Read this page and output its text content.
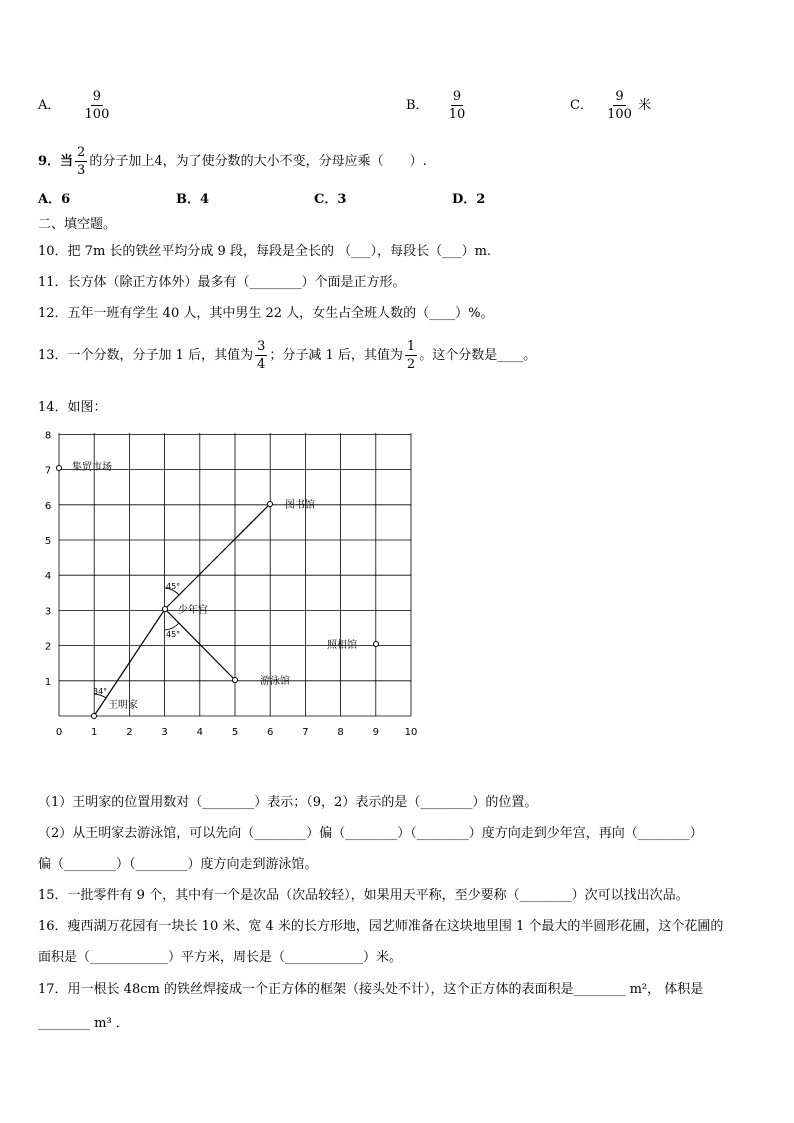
A． $\frac{9}{100}$	B． $\frac{9}{10}$	C． $\frac{9}{100}$ 米
9．当 $\frac{2}{3}$ 的分子加上4，为了使分数的大小不变，分母应乘（　　）.
A．6	B．4	C．3	D．2
二、填空题。
10．把 7m 长的铁丝平均分成 9 段，每段是全长的 （___），每段长（___）m.
11．长方体（除正方体外）最多有（________）个面是正方形。
12．五年一班有学生 40 人，其中男生 22 人，女生占全班人数的（____）%。
13．一个分数，分子加 1 后，其值为 $\frac{3}{4}$ ；分子减 1 后，其值为 $\frac{1}{2}$ 。这个分数是____。
14．如图：
0	1	2	3	4	5	6	7	8	9	10
1
2
3
4
5
6
7
8
集贸市场
图书馆
少年宫
照相馆
游泳馆
王明家
45°
45°
34°
（1）王明家的位置用数对（________）表示；（9，2）表示的是（________）的位置。
（2）从王明家去游泳馆，可以先向（________）偏（________）（________）度方向走到少年宫，再向（________）
偏（________）（________）度方向走到游泳馆。
15．一批零件有 9 个，其中有一个是次品（次品较轻），如果用天平称，至少要称（________）次可以找出次品。
16．瘦西湖万花园有一块长 10 米、宽 4 米的长方形地，园艺师准备在这块地里围 1 个最大的半圆形花圃，这个花圃的
面积是（____________）平方米，周长是（____________）米。
17．用一根长 48cm 的铁丝焊接成一个正方体的框架（接头处不计），这个正方体的表面积是________ m²， 体积是
________ m³ ．
